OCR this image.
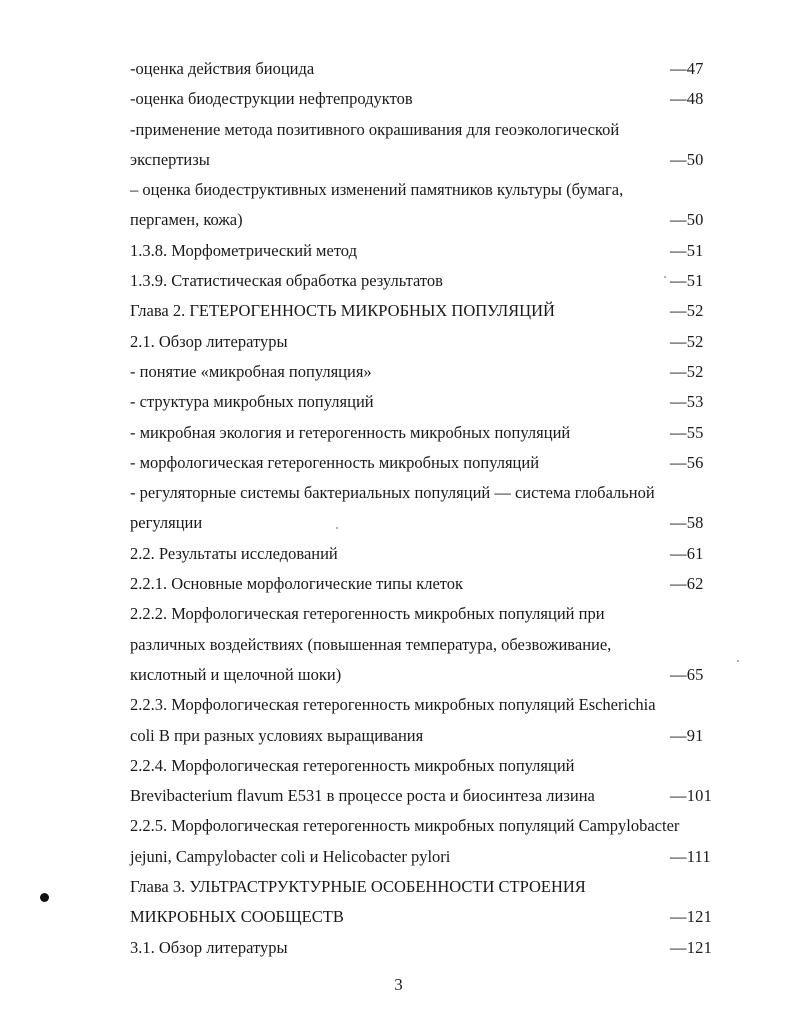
-оценка действия биоцида	—47
-оценка биодеструкции нефтепродуктов	—48
-применение метода позитивного окрашивания для геоэкологической
экспертизы	—50
– оценка биодеструктивных изменений памятников культуры (бумага,
пергамен, кожа)	—50
1.3.8. Морфометрический метод	—51
1.3.9. Статистическая обработка результатов	—51
Глава 2. ГЕТЕРОГЕННОСТЬ МИКРОБНЫХ ПОПУЛЯЦИЙ	—52
2.1. Обзор литературы	—52
- понятие «микробная популяция»	—52
- структура микробных популяций	—53
- микробная экология и гетерогенность микробных популяций	—55
- морфологическая гетерогенность микробных популяций	—56
- регуляторные системы бактериальных популяций — система глобальной
регуляции	—58
2.2. Результаты исследований	—61
2.2.1. Основные морфологические типы клеток	—62
2.2.2. Морфологическая гетерогенность микробных популяций при
различных воздействиях (повышенная температура, обезвоживание,
кислотный и щелочной шоки)	—65
2.2.3. Морфологическая гетерогенность микробных популяций Escherichia
coli B при разных условиях выращивания	—91
2.2.4. Морфологическая гетерогенность микробных популяций
Brevibacterium flavum E531 в процессе роста и биосинтеза лизина	—101
2.2.5. Морфологическая гетерогенность микробных популяций Campylobacter
jejuni, Campylobacter coli и Helicobacter pylori	—111
Глава 3. УЛЬТРАСТРУКТУРНЫЕ ОСОБЕННОСТИ СТРОЕНИЯ
МИКРОБНЫХ СООБЩЕСТВ	—121
3.1. Обзор литературы	—121
3
